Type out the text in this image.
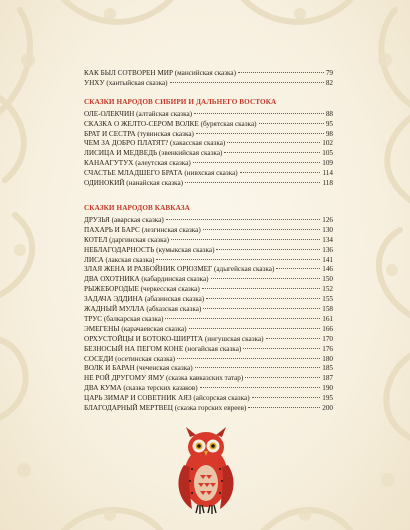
КАК БЫЛ СОТВОРЕН МИР (мансийская сказка)	79
УНХУ (хантыйская сказка)	82
СКАЗКИ НАРОДОВ СИБИРИ И ДАЛЬНЕГО ВОСТОКА
ОЛЕ-ОЛЕКЧИН (алтайская сказка)	88
СКАЗКА О ЖЕЛТО-СЕРОМ ВОЛКЕ (бурятская сказка)	95
БРАТ И СЕСТРА (тувинская сказка)	98
ЧЕМ ЗА ДОБРО ПЛАТЯТ? (хакасская сказка)	102
ЛИСИЦА И МЕДВЕДЬ (эвенкийская сказка)	105
КАНААГУТУХ (алеутская сказка)	109
СЧАСТЬЕ МЛАДШЕГО БРАТА (нивхская сказка)	114
ОДИНОКИЙ (нанайская сказка)	118
СКАЗКИ НАРОДОВ КАВКАЗА
ДРУЗЬЯ (аварская сказка)	126
ПАХАРЬ И БАРС (лезгинская сказка)	130
КОТЕЛ (даргинская сказка)	134
НЕБЛАГОДАРНОСТЬ (кумыкская сказка)	136
ЛИСА (лакская сказка)	141
ЗЛАЯ ЖЕНА И РАЗБОЙНИК ОРЮЗМЕГ (адыгейская сказка)	146
ДВА ОХОТНИКА (кабардинская сказка)	150
РЫЖЕБОРОДЫЕ (черкесская сказка)	152
ЗАДАЧА ЭДДИНА (абазинская сказка)	155
ЖАДНЫЙ МУЛЛА (абхазская сказка)	158
ТРУС (балкарская сказка)	161
ЭМЕГЕНЫ (карачаевская сказка)	166
ОРХУСТОЙЦЫ И БОТОКО-ШИРТГА (ингушская сказка)	170
БЕЗНОСЫЙ НА ПЕГОМ КОНЕ (ногайская сказка)	176
СОСЕДИ (осетинская сказка)	180
ВОЛК И БАРАН (чеченская сказка)	185
НЕ РОЙ ДРУГОМУ ЯМУ (сказка кавказских татар)	187
ДВА КУМА (сказка терских казаков)	190
ЦАРЬ ЗИМАР И СОВЕТНИК АЯЗ (айсорская сказка)	195
БЛАГОДАРНЫЙ МЕРТВЕЦ (сказка горских евреев)	200
